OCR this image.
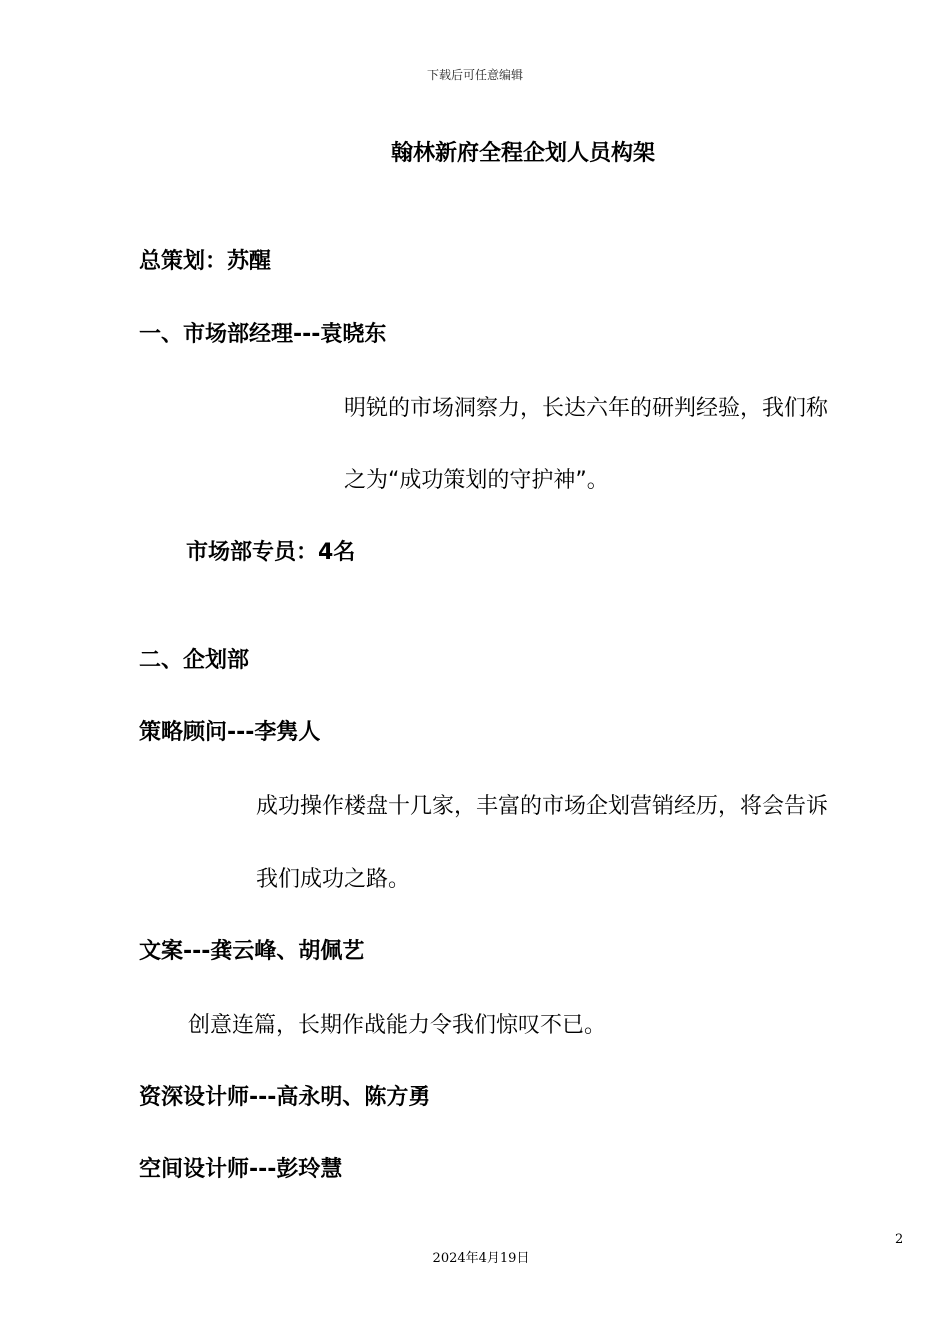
下载后可任意编辑
翰林新府全程企划人员构架
总策划：苏醒
一、市场部经理---袁晓东
明锐的市场洞察力，长达六年的研判经验，我们称
之为“成功策划的守护神”。
市场部专员：4名
二、企划部
策略顾问---李隽人
成功操作楼盘十几家，丰富的市场企划营销经历，将会告诉
我们成功之路。
文案---龚云峰、胡佩艺
创意连篇，长期作战能力令我们惊叹不已。
资深设计师---高永明、陈方勇
空间设计师---彭玲慧
2
2024年4月19日
